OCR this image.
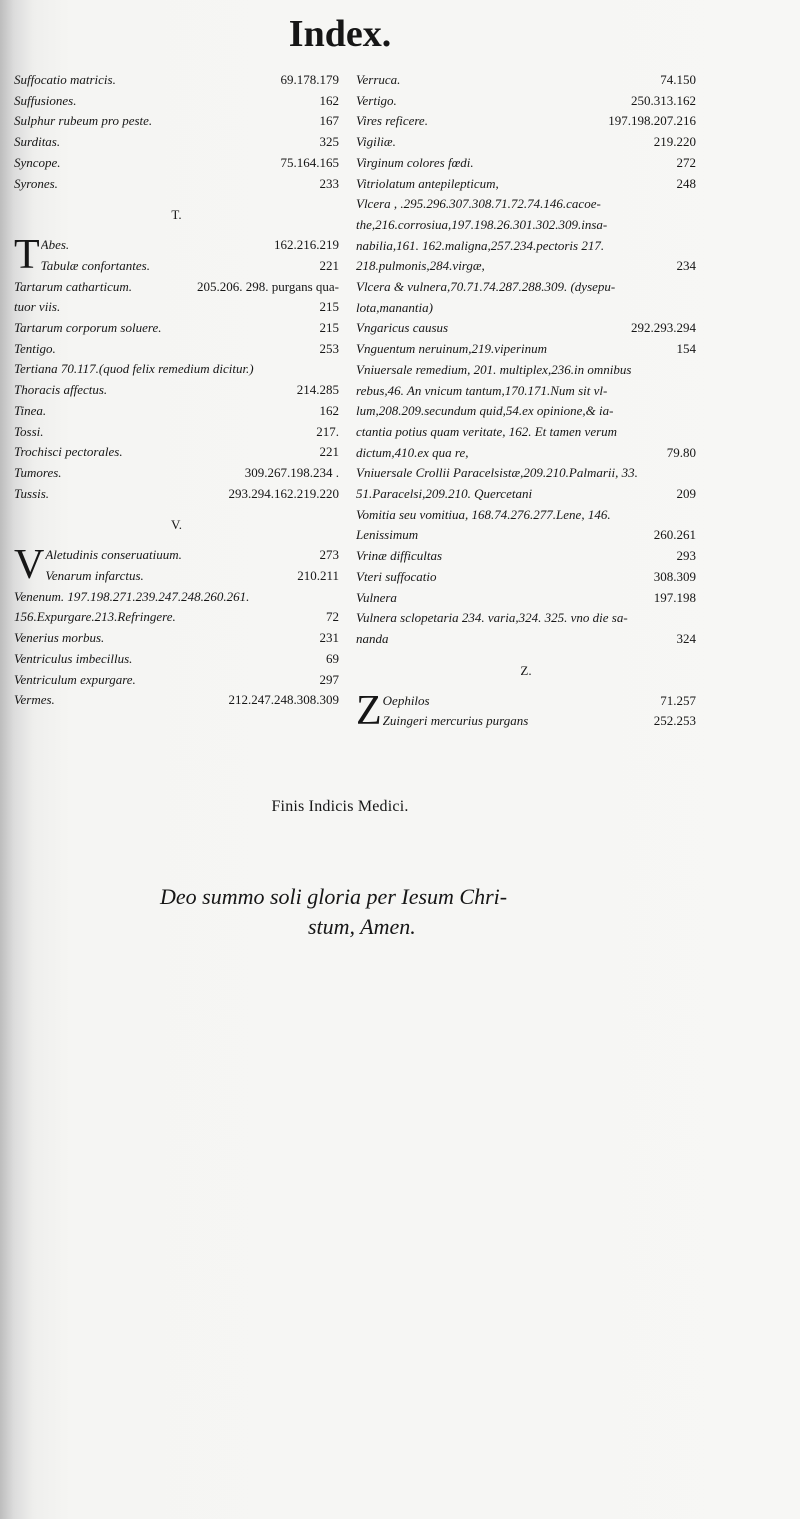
Index.
Suffocatio matricis.	69.178.179
Suffusiones.	162
Sulphur rubeum pro peste.	167
Surditas.	325
Syncope.	75.164.165
Syrones.	233
T.
T Abes.	162.216.219
Tabulæ confortantes.	221
Tartarum catharticum.	205.206. 298. purgans qua-
tuor viis.	215
Tartarum corporum soluere.	215
Tentigo.	253
Tertiana 70.117.(quod felix remedium dicitur.)
Thoracis affectus.	214.285
Tinea.	162
Tossi.	217.
Trochisci pectorales.	221
Tumores.	309.267.198.234 .
Tussis.	293.294.162.219.220
V.
V Aletudinis conseruatiuum.	273
Venarum infarctus.	210.211
Venenum. 197.198.271.239.247.248.260.261.
156.Expurgare.213.Refringere.	72
Venerius morbus.	231
Ventriculus imbecillus.	69
Ventriculum expurgare.	297
Vermes.	212.247.248.308.309
Verruca.	74.150
Vertigo.	250.313.162
Vires reficere.	197.198.207.216
Vigiliæ.	219.220
Virginum colores fœdi.	272
Vitriolatum antepilepticum,	248
Vlcera , .295.296.307.308.71.72.74.146.cacoe-
the,216.corrosiua,197.198.26.301.302.309.insa-
nabilia,161. 162.maligna,257.234.pectoris 217.
218.pulmonis,284.virgæ,	234
Vlcera & vulnera,70.71.74.287.288.309. (dysepu-
lota,manantia)
Vngaricus causus	292.293.294
Vnguentum neruinum,219.viperinum	154
Vniuersale remedium, 201. multiplex,236.in omnibus
rebus,46. An vnicum tantum,170.171.Num sit vl-
lum,208.209.secundum quid,54.ex opinione,& ia-
ctantia potius quam veritate, 162. Et tamen verum
dictum,410.ex qua re,	79.80
Vniuersale Crollii Paracelsistæ,209.210.Palmarii, 33.
51.Paracelsi,209.210. Quercetani	209
Vomitia seu vomitiua, 168.74.276.277.Lene, 146.
Lenissimum	260.261
Vrinæ difficultas	293
Vteri suffocatio	308.309
Vulnera	197.198
Vulnera sclopetaria 234. varia,324. 325. vno die sa-
nanda	324
Z.
Z Oephilos	71.257
Zuingeri mercurius purgans	252.253
Finis Indicis Medici.
Deo summo soli gloria per Iesum Chri-
stum, Amen.
